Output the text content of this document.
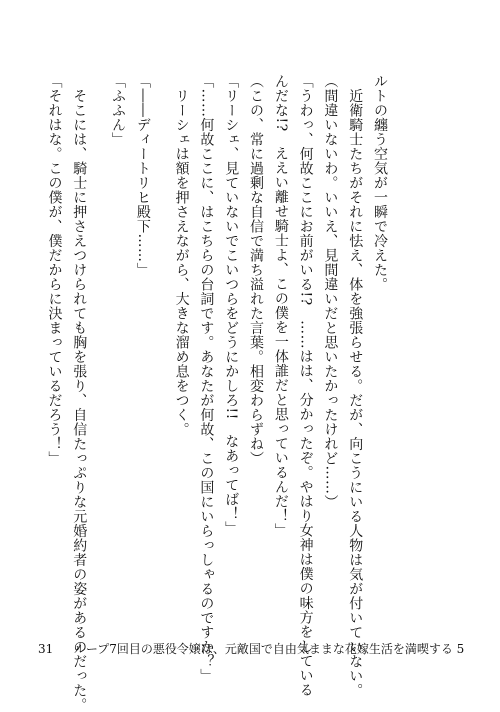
ルトの纏う空気が一瞬で冷えた。
　近衛騎士たちがそれに怯え、体を強張らせる。だが、向こうにいる人物は気が付いていない。
（間違いないわ。いいえ、見間違いだと思いたかったけれど……）
「うわっ、何故ここにお前がいる!?　……はは、分かったぞ。やはり女神は僕の味方をしている
んだな!?　ええい離せ騎士よ、この僕を一体誰だと思っているんだ！」
（この、常に過剰な自信で満ち溢れた言葉。相変わらずね）
「リーシェ、見ていないでこいつらをどうにかしろ!!　なあってば！」
「……何故ここに、はこちらの台詞です。あなたが何故、この国にいらっしゃるのですか？」
　リーシェは額を押さえながら、大きな溜め息をつく。
「――ディートリヒ殿下……」
「ふふん」
　そこには、騎士に押さえつけられても胸を張り、自信たっぷりな元婚約者の姿があるのだった。
「それはな。この僕が、僕だからに決まっているだろう！」
31 ループ7回目の悪役令嬢は、元敵国で自由気ままな花嫁生活を満喫する 5
